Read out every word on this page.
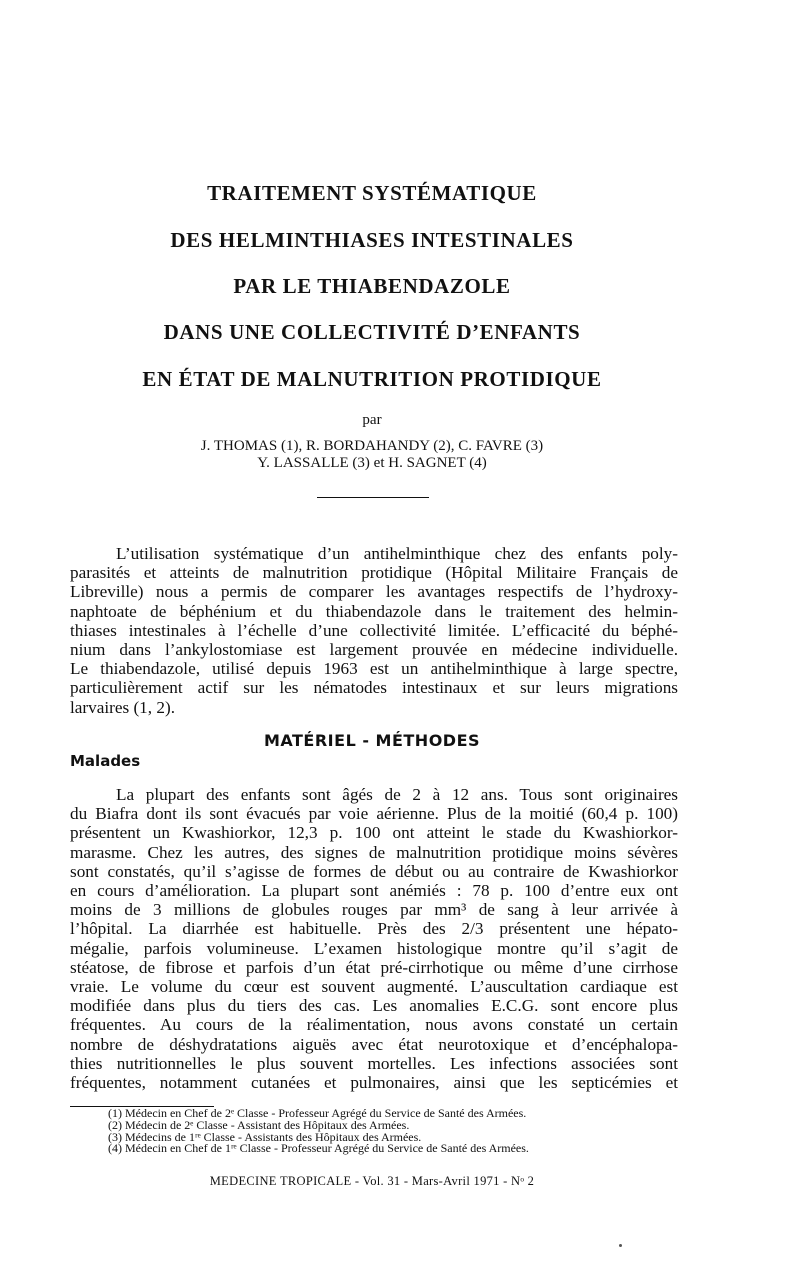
TRAITEMENT SYSTÉMATIQUE
DES HELMINTHIASES INTESTINALES
PAR LE THIABENDAZOLE
DANS UNE COLLECTIVITÉ D’ENFANTS
EN ÉTAT DE MALNUTRITION PROTIDIQUE
par
J. THOMAS (1), R. BORDAHANDY (2), C. FAVRE (3)
Y. LASSALLE (3) et H. SAGNET (4)
L’utilisation systématique d’un antihelminthique chez des enfants poly-
parasités et atteints de malnutrition protidique (Hôpital Militaire Français de
Libreville) nous a permis de comparer les avantages respectifs de l’hydroxy-
naphtoate de béphénium et du thiabendazole dans le traitement des helmin-
thiases intestinales à l’échelle d’une collectivité limitée. L’efficacité du béphé-
nium dans l’ankylostomiase est largement prouvée en médecine individuelle.
Le thiabendazole, utilisé depuis 1963 est un antihelminthique à large spectre,
particulièrement actif sur les nématodes intestinaux et sur leurs migrations
larvaires (1, 2).
MATÉRIEL - MÉTHODES
Malades
La plupart des enfants sont âgés de 2 à 12 ans. Tous sont originaires
du Biafra dont ils sont évacués par voie aérienne. Plus de la moitié (60,4 p. 100)
présentent un Kwashiorkor, 12,3 p. 100 ont atteint le stade du Kwashiorkor-
marasme. Chez les autres, des signes de malnutrition protidique moins sévères
sont constatés, qu’il s’agisse de formes de début ou au contraire de Kwashiorkor
en cours d’amélioration. La plupart sont anémiés : 78 p. 100 d’entre eux ont
moins de 3 millions de globules rouges par mm³ de sang à leur arrivée à
l’hôpital. La diarrhée est habituelle. Près des 2/3 présentent une hépato-
mégalie, parfois volumineuse. L’examen histologique montre qu’il s’agit de
stéatose, de fibrose et parfois d’un état pré-cirrhotique ou même d’une cirrhose
vraie. Le volume du cœur est souvent augmenté. L’auscultation cardiaque est
modifiée dans plus du tiers des cas. Les anomalies E.C.G. sont encore plus
fréquentes. Au cours de la réalimentation, nous avons constaté un certain
nombre de déshydratations aiguës avec état neurotoxique et d’encéphalopa-
thies nutritionnelles le plus souvent mortelles. Les infections associées sont
fréquentes, notamment cutanées et pulmonaires, ainsi que les septicémies et
(1) Médecin en Chef de 2ᵉ Classe - Professeur Agrégé du Service de Santé des Armées.
(2) Médecin de 2ᵉ Classe - Assistant des Hôpitaux des Armées.
(3) Médecins de 1ʳᵉ Classe - Assistants des Hôpitaux des Armées.
(4) Médecin en Chef de 1ʳᵉ Classe - Professeur Agrégé du Service de Santé des Armées.
MEDECINE TROPICALE - Vol. 31 - Mars-Avril 1971 - Nᵒ 2
